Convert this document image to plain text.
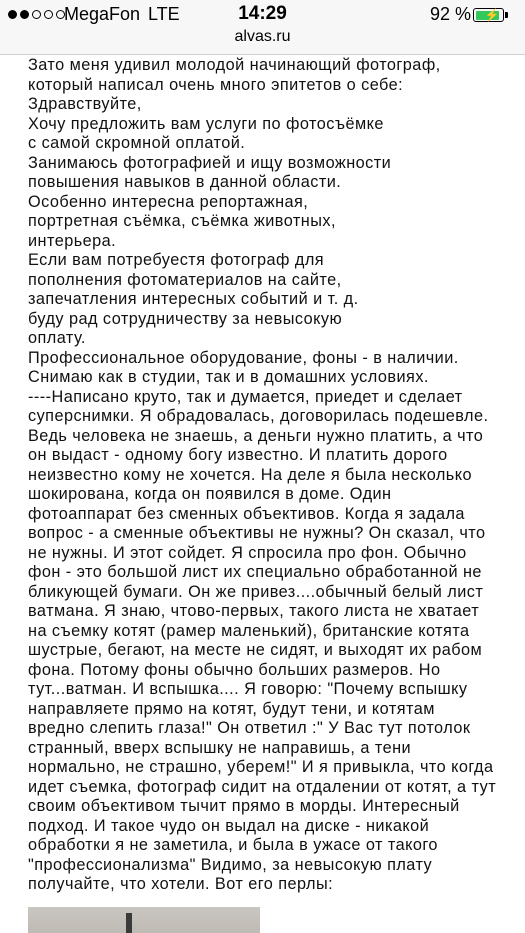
MegaFon LTE	14:29	92 % ⚡
alvas.ru
Зато меня удивил молодой начинающий фотограф,
который написал очень много эпитетов о себе:
Здравствуйте,
Хочу предложить вам услуги по фотосъёмке
с самой скромной оплатой.
Занимаюсь фотографией и ищу возможности
повышения навыков в данной области.
Особенно интересна репортажная,
портретная съёмка, съёмка животных,
интерьера.
Если вам потребуестя фотограф для
пополнения фотоматериалов на сайте,
запечатления интересных событий и т. д.
буду рад сотрудничеству за невысокую
оплату.
Профессиональное оборудование, фоны - в наличии.
Снимаю как в студии, так и в домашних условиях.
----Написано круто, так и думается, приедет и сделает
суперснимки. Я обрадовалась, договорилась подешевле.
Ведь человека не знаешь, а деньги нужно платить, а что
он выдаст - одному богу известно. И платить дорого
неизвестно кому не хочется. На деле я была несколько
шокирована, когда он появился в доме. Один
фотоаппарат без сменных объективов. Когда я задала
вопрос - а сменные объективы не нужны? Он сказал, что
не нужны. И этот сойдет. Я спросила про фон. Обычно
фон - это большой лист их специально обработанной не
бликующей бумаги. Он же привез....обычный белый лист
ватмана. Я знаю, чтово-первых, такого листа не хватает
на съемку котят (рамер маленький), британские котята
шустрые, бегают, на месте не сидят, и выходят их рабом
фона. Потому фоны обычно больших размеров. Но
тут...ватман. И вспышка.... Я говорю: "Почему вспышку
направляете прямо на котят, будут тени, и котятам
вредно слепить глаза!" Он ответил :" У Вас тут потолок
странный, вверх вспышку не направишь, а тени
нормально, не страшно, уберем!" И я привыкла, что когда
идет съемка, фотограф сидит на отдалении от котят, а тут
своим объективом тычит прямо в морды. Интересный
подход. И такое чудо он выдал на диске - никакой
обработки я не заметила, и была в ужасе от такого
"профессионализма" Видимо, за невысокую плату
получайте, что хотели. Вот его перлы:
